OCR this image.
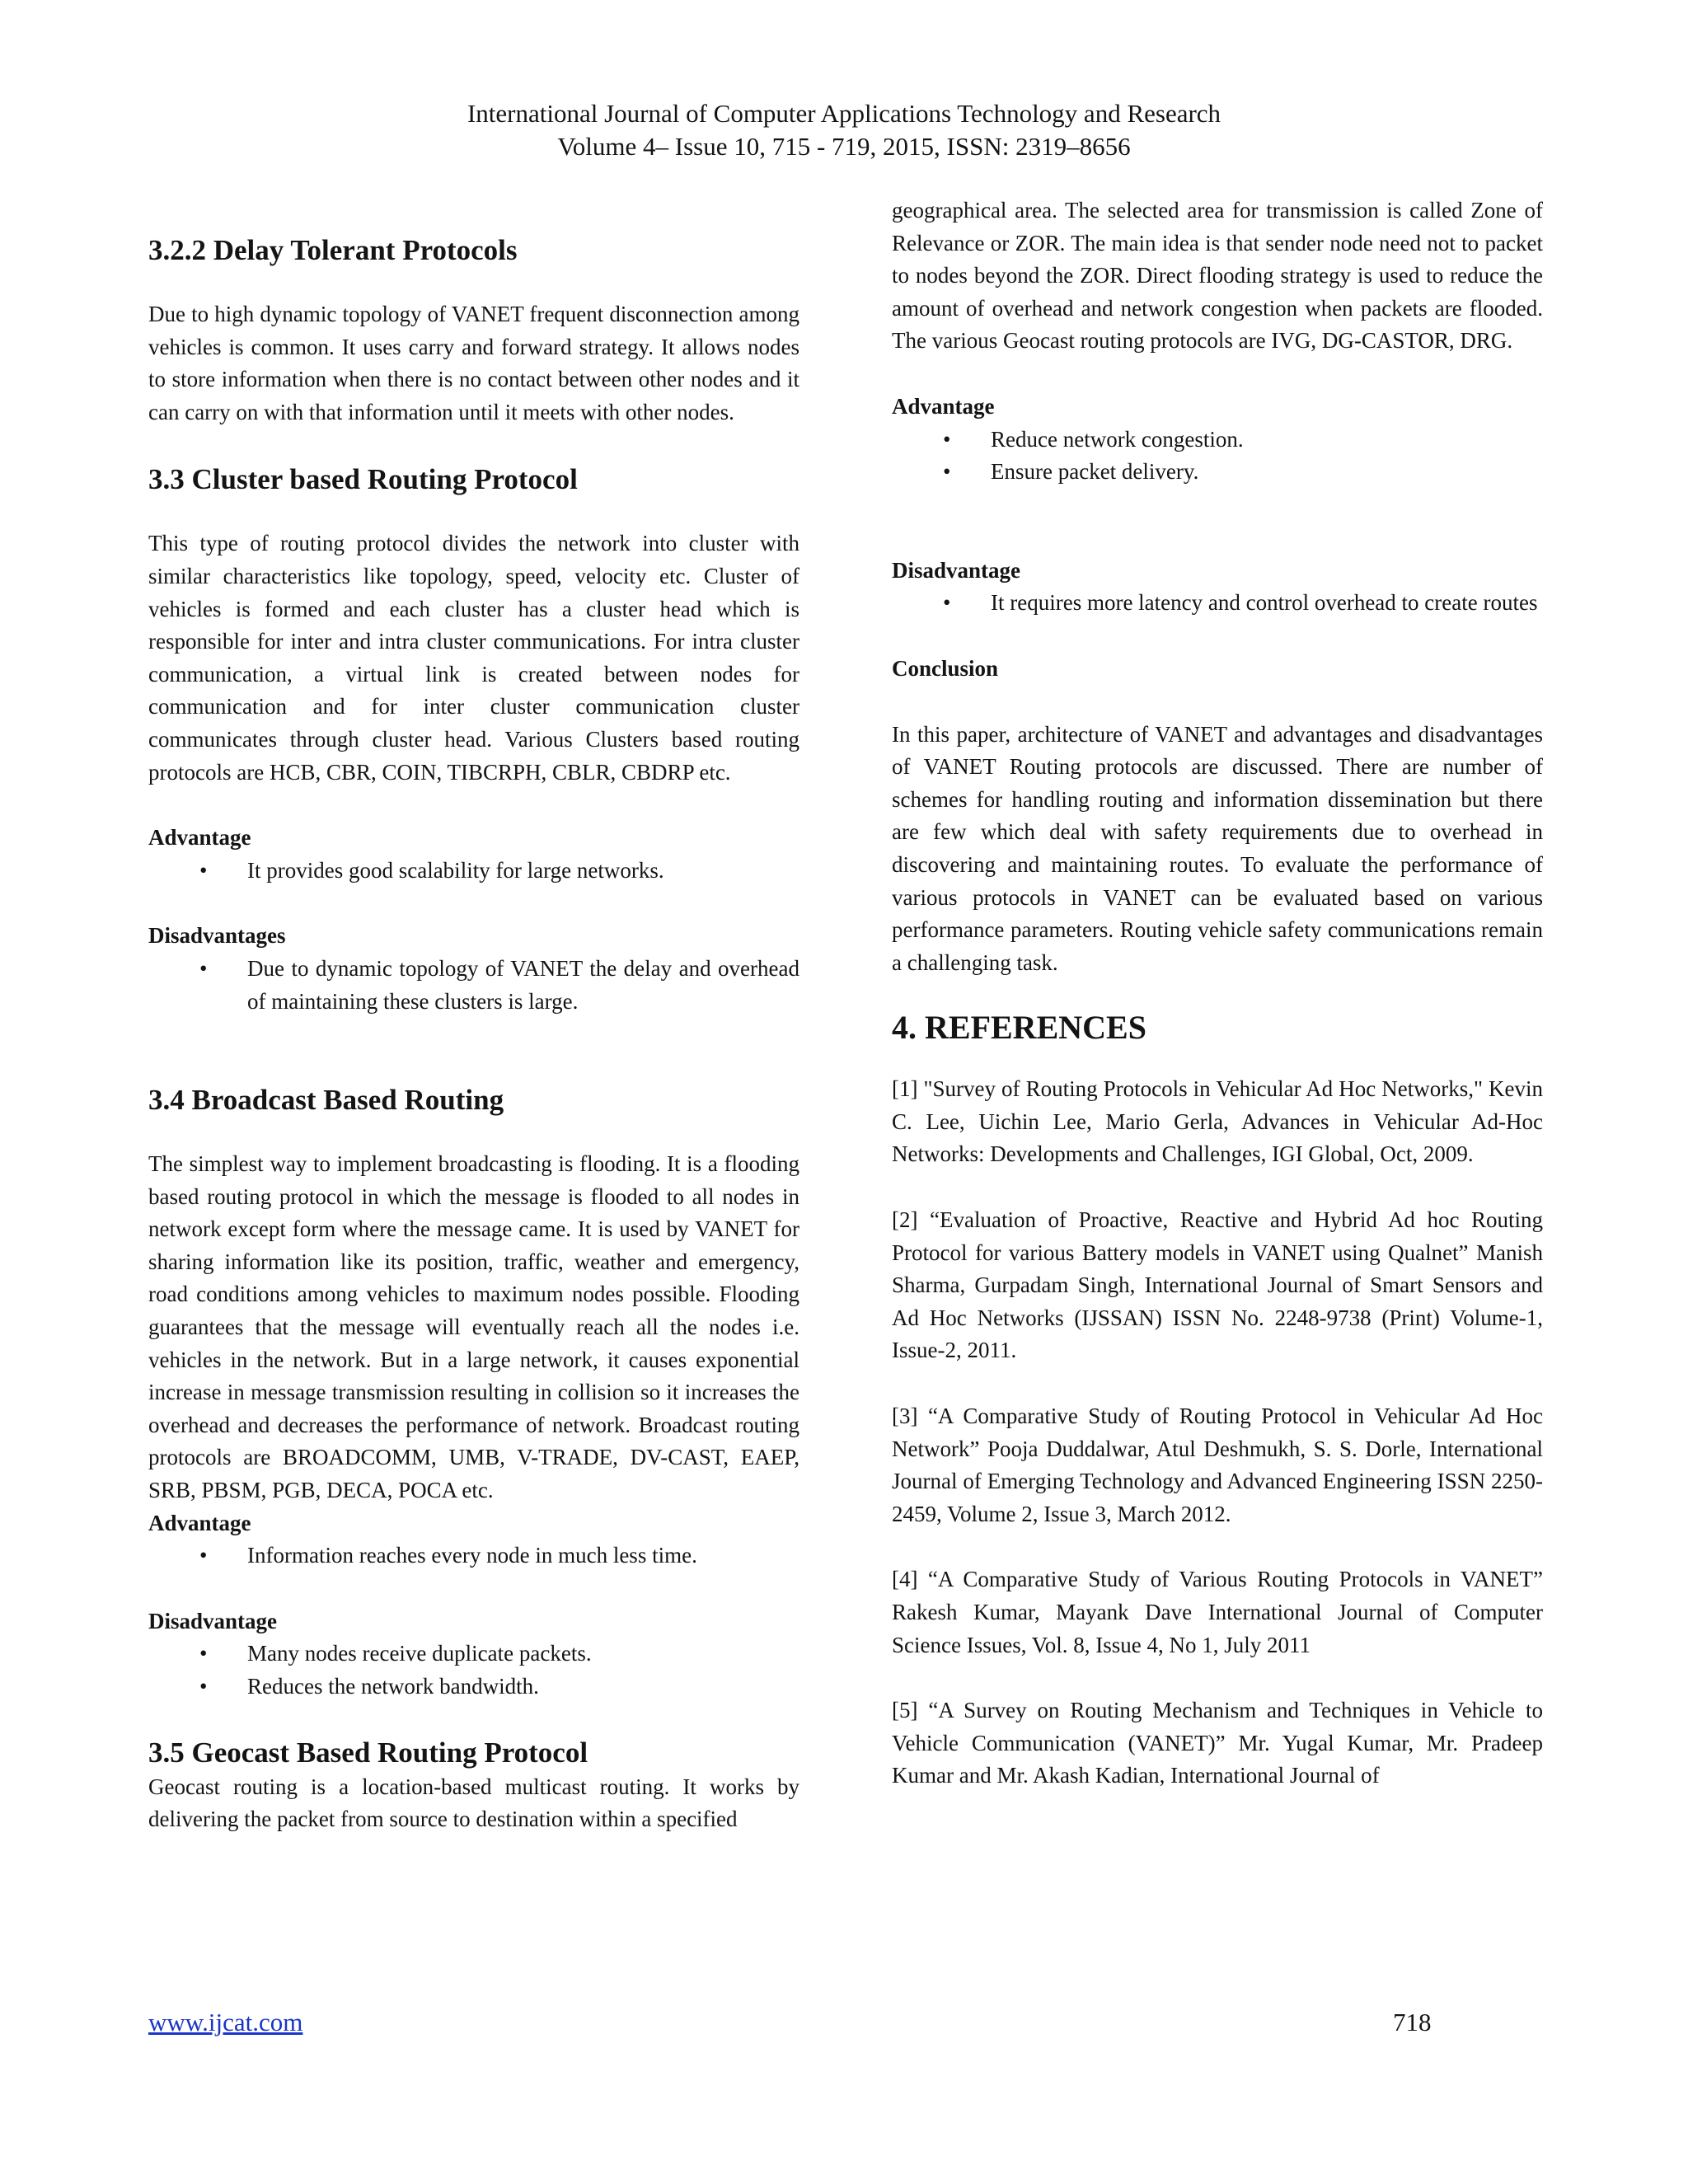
International Journal of Computer Applications Technology and Research
Volume 4– Issue 10, 715 - 719, 2015, ISSN: 2319–8656
3.2.2 Delay Tolerant Protocols

Due to high dynamic topology of VANET frequent disconnection among vehicles is common. It uses carry and forward strategy. It allows nodes to store information when there is no contact between other nodes and it can carry on with that information until it meets with other nodes.

3.3 Cluster based Routing Protocol

This type of routing protocol divides the network into cluster with similar characteristics like topology, speed, velocity etc. Cluster of vehicles is formed and each cluster has a cluster head which is responsible for inter and intra cluster communications. For intra cluster communication, a virtual link is created between nodes for communication and for inter cluster communication cluster communicates through cluster head. Various Clusters based routing protocols are HCB, CBR, COIN, TIBCRPH, CBLR, CBDRP etc.

Advantage
• It provides good scalability for large networks.
Disadvantages
• Due to dynamic topology of VANET the delay and overhead of maintaining these clusters is large.
3.4 Broadcast Based Routing

The simplest way to implement broadcasting is flooding. It is a flooding based routing protocol in which the message is flooded to all nodes in network except form where the message came. It is used by VANET for sharing information like its position, traffic, weather and emergency, road conditions among vehicles to maximum nodes possible. Flooding guarantees that the message will eventually reach all the nodes i.e. vehicles in the network. But in a large network, it causes exponential increase in message transmission resulting in collision so it increases the overhead and decreases the performance of network. Broadcast routing protocols are BROADCOMM, UMB, V-TRADE, DV-CAST, EAEP, SRB, PBSM, PGB, DECA, POCA etc.

Advantage
• Information reaches every node in much less time.
Disadvantage
• Many nodes receive duplicate packets.
• Reduces the network bandwidth.
3.5 Geocast Based Routing Protocol

Geocast routing is a location-based multicast routing. It works by delivering the packet from source to destination within a specified

geographical area. The selected area for transmission is called Zone of Relevance or ZOR. The main idea is that sender node need not to packet to nodes beyond the ZOR. Direct flooding strategy is used to reduce the amount of overhead and network congestion when packets are flooded. The various Geocast routing protocols are IVG, DG-CASTOR, DRG.

Advantage
• Reduce network congestion.
• Ensure packet delivery.
Disadvantage
• It requires more latency and control overhead to create routes
Conclusion

In this paper, architecture of VANET and advantages and disadvantages of VANET Routing protocols are discussed. There are number of schemes for handling routing and information dissemination but there are few which deal with safety requirements due to overhead in discovering and maintaining routes. To evaluate the performance of various protocols in VANET can be evaluated based on various performance parameters. Routing vehicle safety communications remain a challenging task.

4. REFERENCES

[1] "Survey of Routing Protocols in Vehicular Ad Hoc Networks," Kevin C. Lee, Uichin Lee, Mario Gerla, Advances in Vehicular Ad-Hoc Networks: Developments and Challenges, IGI Global, Oct, 2009.

[2] “Evaluation of Proactive, Reactive and Hybrid Ad hoc Routing Protocol for various Battery models in VANET using Qualnet” Manish Sharma, Gurpadam Singh, International Journal of Smart Sensors and Ad Hoc Networks (IJSSAN) ISSN No. 2248-9738 (Print) Volume-1, Issue-2, 2011.

[3] “A Comparative Study of Routing Protocol in Vehicular Ad Hoc Network” Pooja Duddalwar, Atul Deshmukh, S. S. Dorle, International Journal of Emerging Technology and Advanced Engineering ISSN 2250-2459, Volume 2, Issue 3, March 2012.

[4] “A Comparative Study of Various Routing Protocols in VANET” Rakesh Kumar, Mayank Dave International Journal of Computer Science Issues, Vol. 8, Issue 4, No 1, July 2011

[5] “A Survey on Routing Mechanism and Techniques in Vehicle to Vehicle Communication (VANET)” Mr. Yugal Kumar, Mr. Pradeep Kumar and Mr. Akash Kadian, International Journal of

www.ijcat.com	718
